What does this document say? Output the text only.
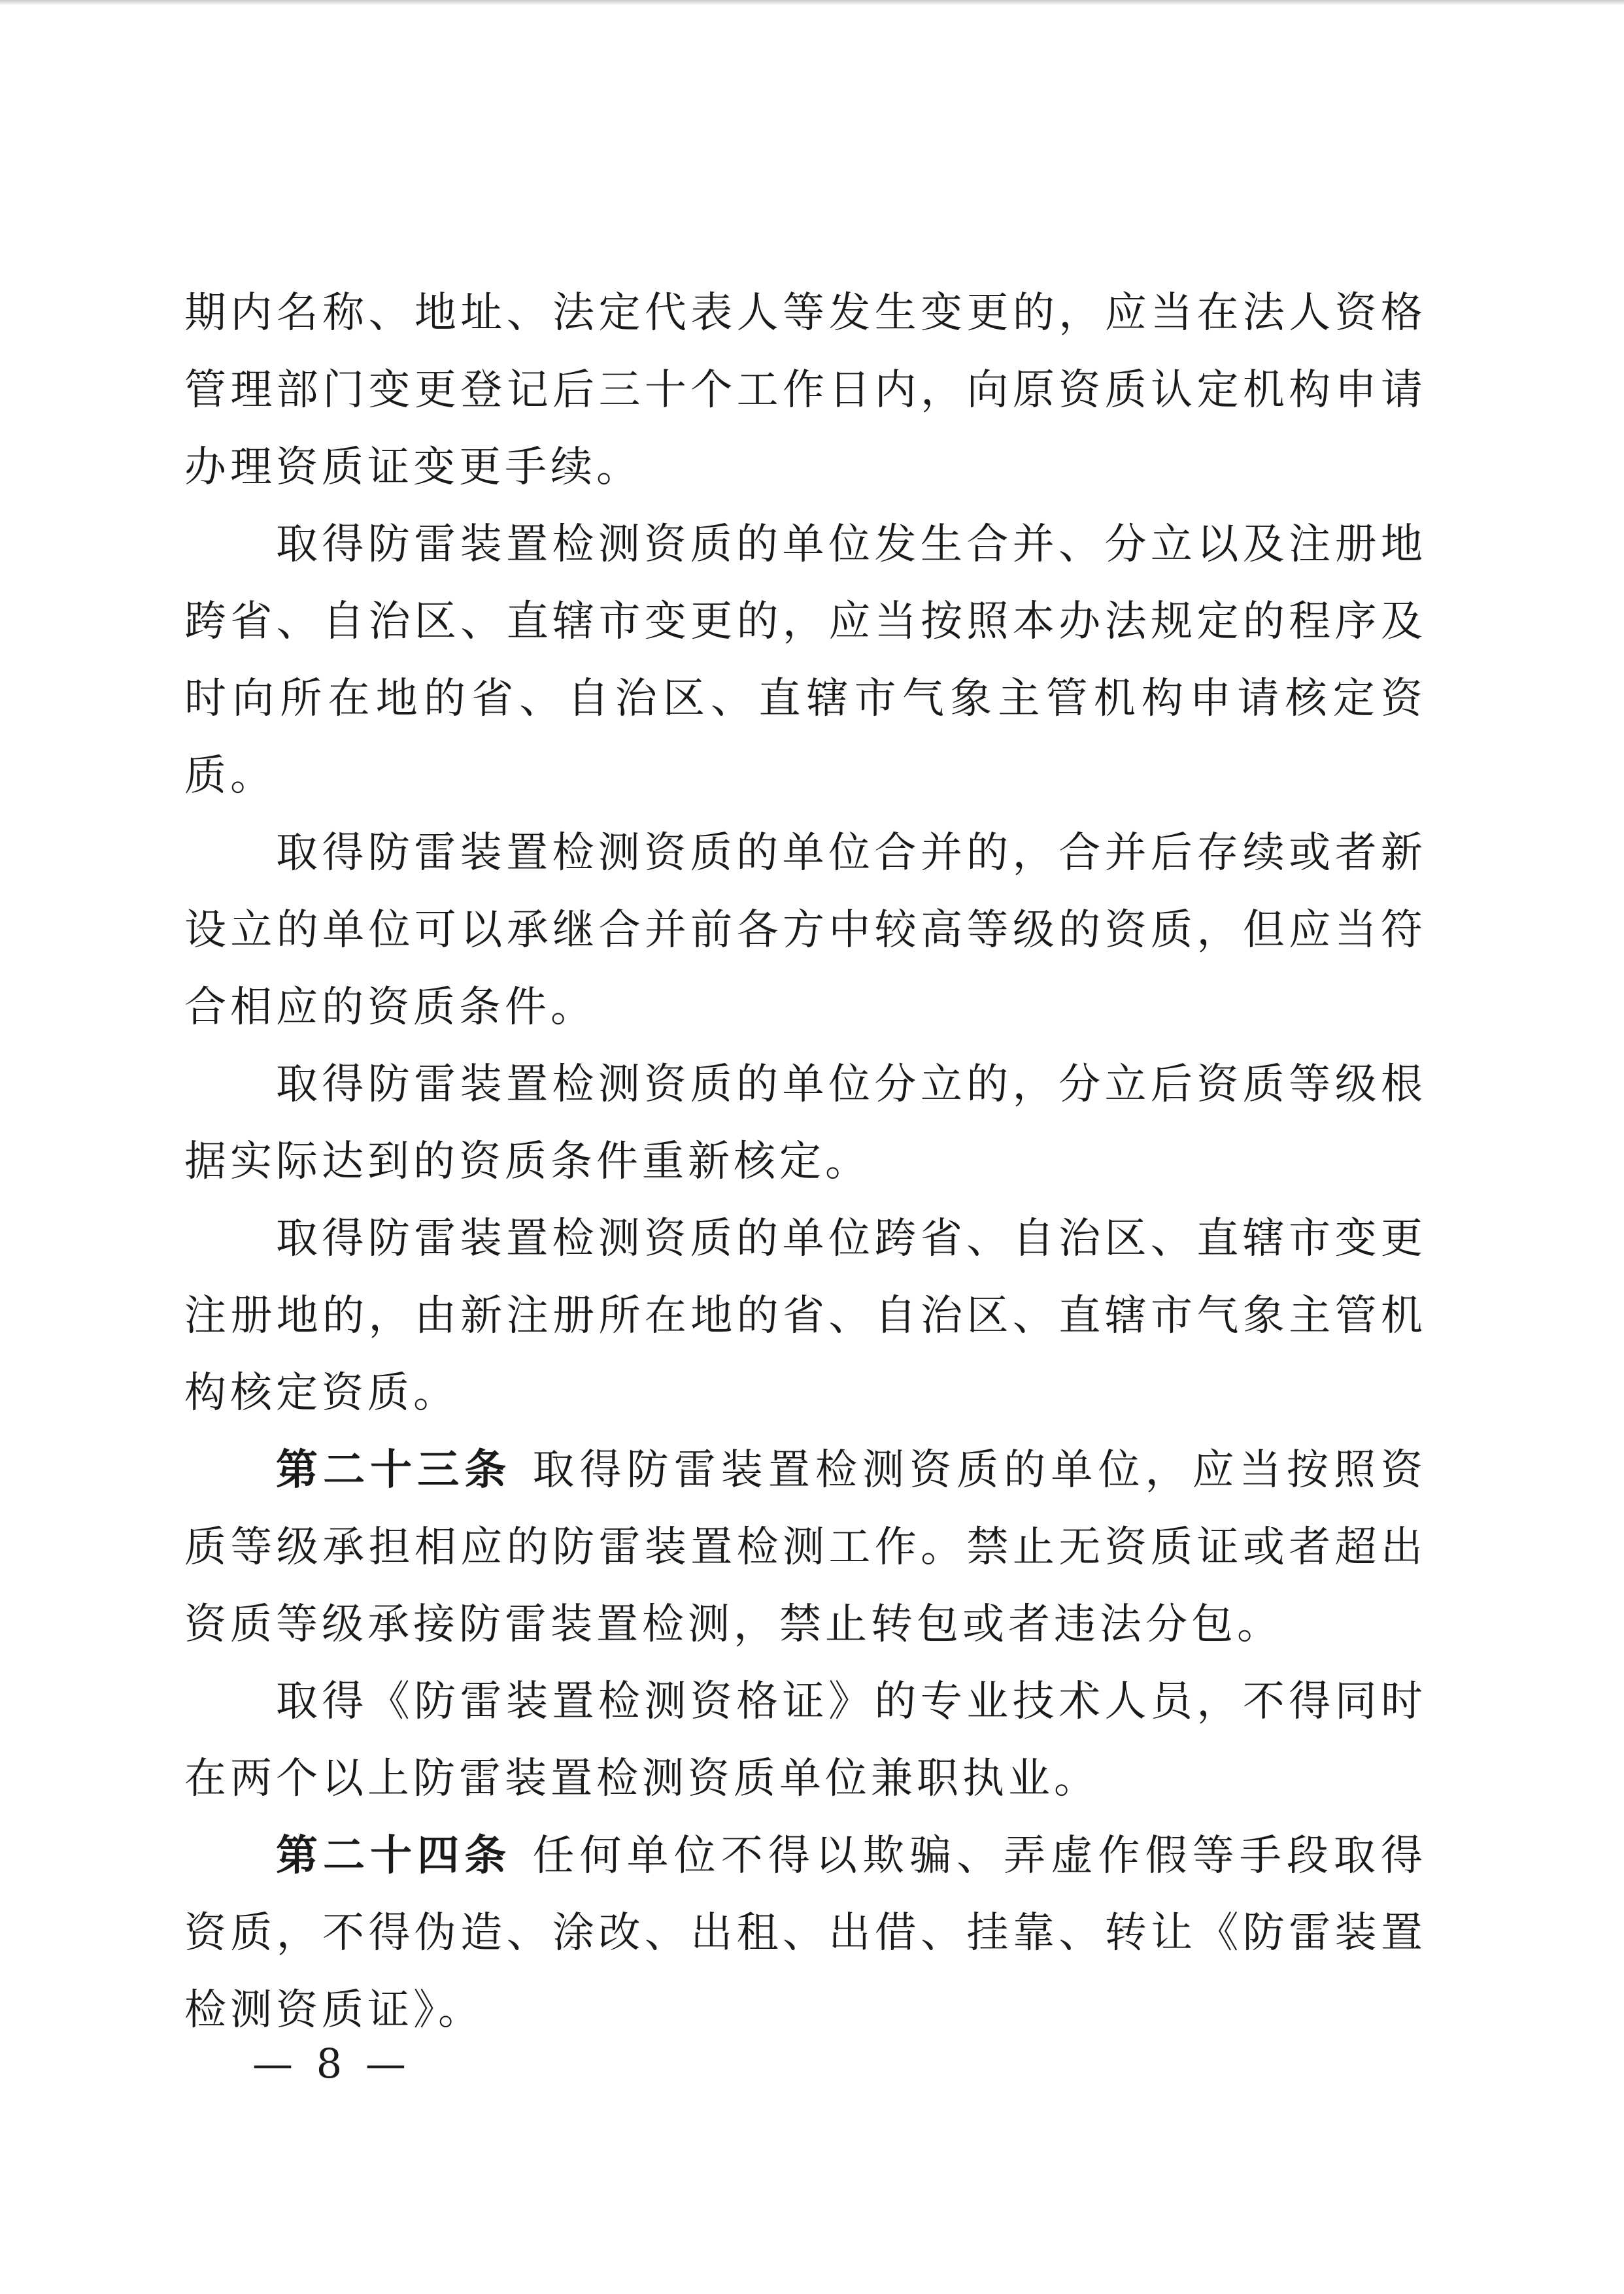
期内名称、地址、法定代表人等发生变更的，应当在法人资格管理部门变更登记后三十个工作日内，向原资质认定机构申请办理资质证变更手续。

取得防雷装置检测资质的单位发生合并、分立以及注册地跨省、自治区、直辖市变更的，应当按照本办法规定的程序及时向所在地的省、自治区、直辖市气象主管机构申请核定资质。

取得防雷装置检测资质的单位合并的，合并后存续或者新设立的单位可以承继合并前各方中较高等级的资质，但应当符合相应的资质条件。

取得防雷装置检测资质的单位分立的，分立后资质等级根据实际达到的资质条件重新核定。

取得防雷装置检测资质的单位跨省、自治区、直辖市变更注册地的，由新注册所在地的省、自治区、直辖市气象主管机构核定资质。

第二十三条 取得防雷装置检测资质的单位，应当按照资质等级承担相应的防雷装置检测工作。禁止无资质证或者超出资质等级承接防雷装置检测，禁止转包或者违法分包。

取得《防雷装置检测资格证》的专业技术人员，不得同时在两个以上防雷装置检测资质单位兼职执业。

第二十四条 任何单位不得以欺骗、弄虚作假等手段取得资质，不得伪造、涂改、出租、出借、挂靠、转让《防雷装置检测资质证》。

— 8 —
